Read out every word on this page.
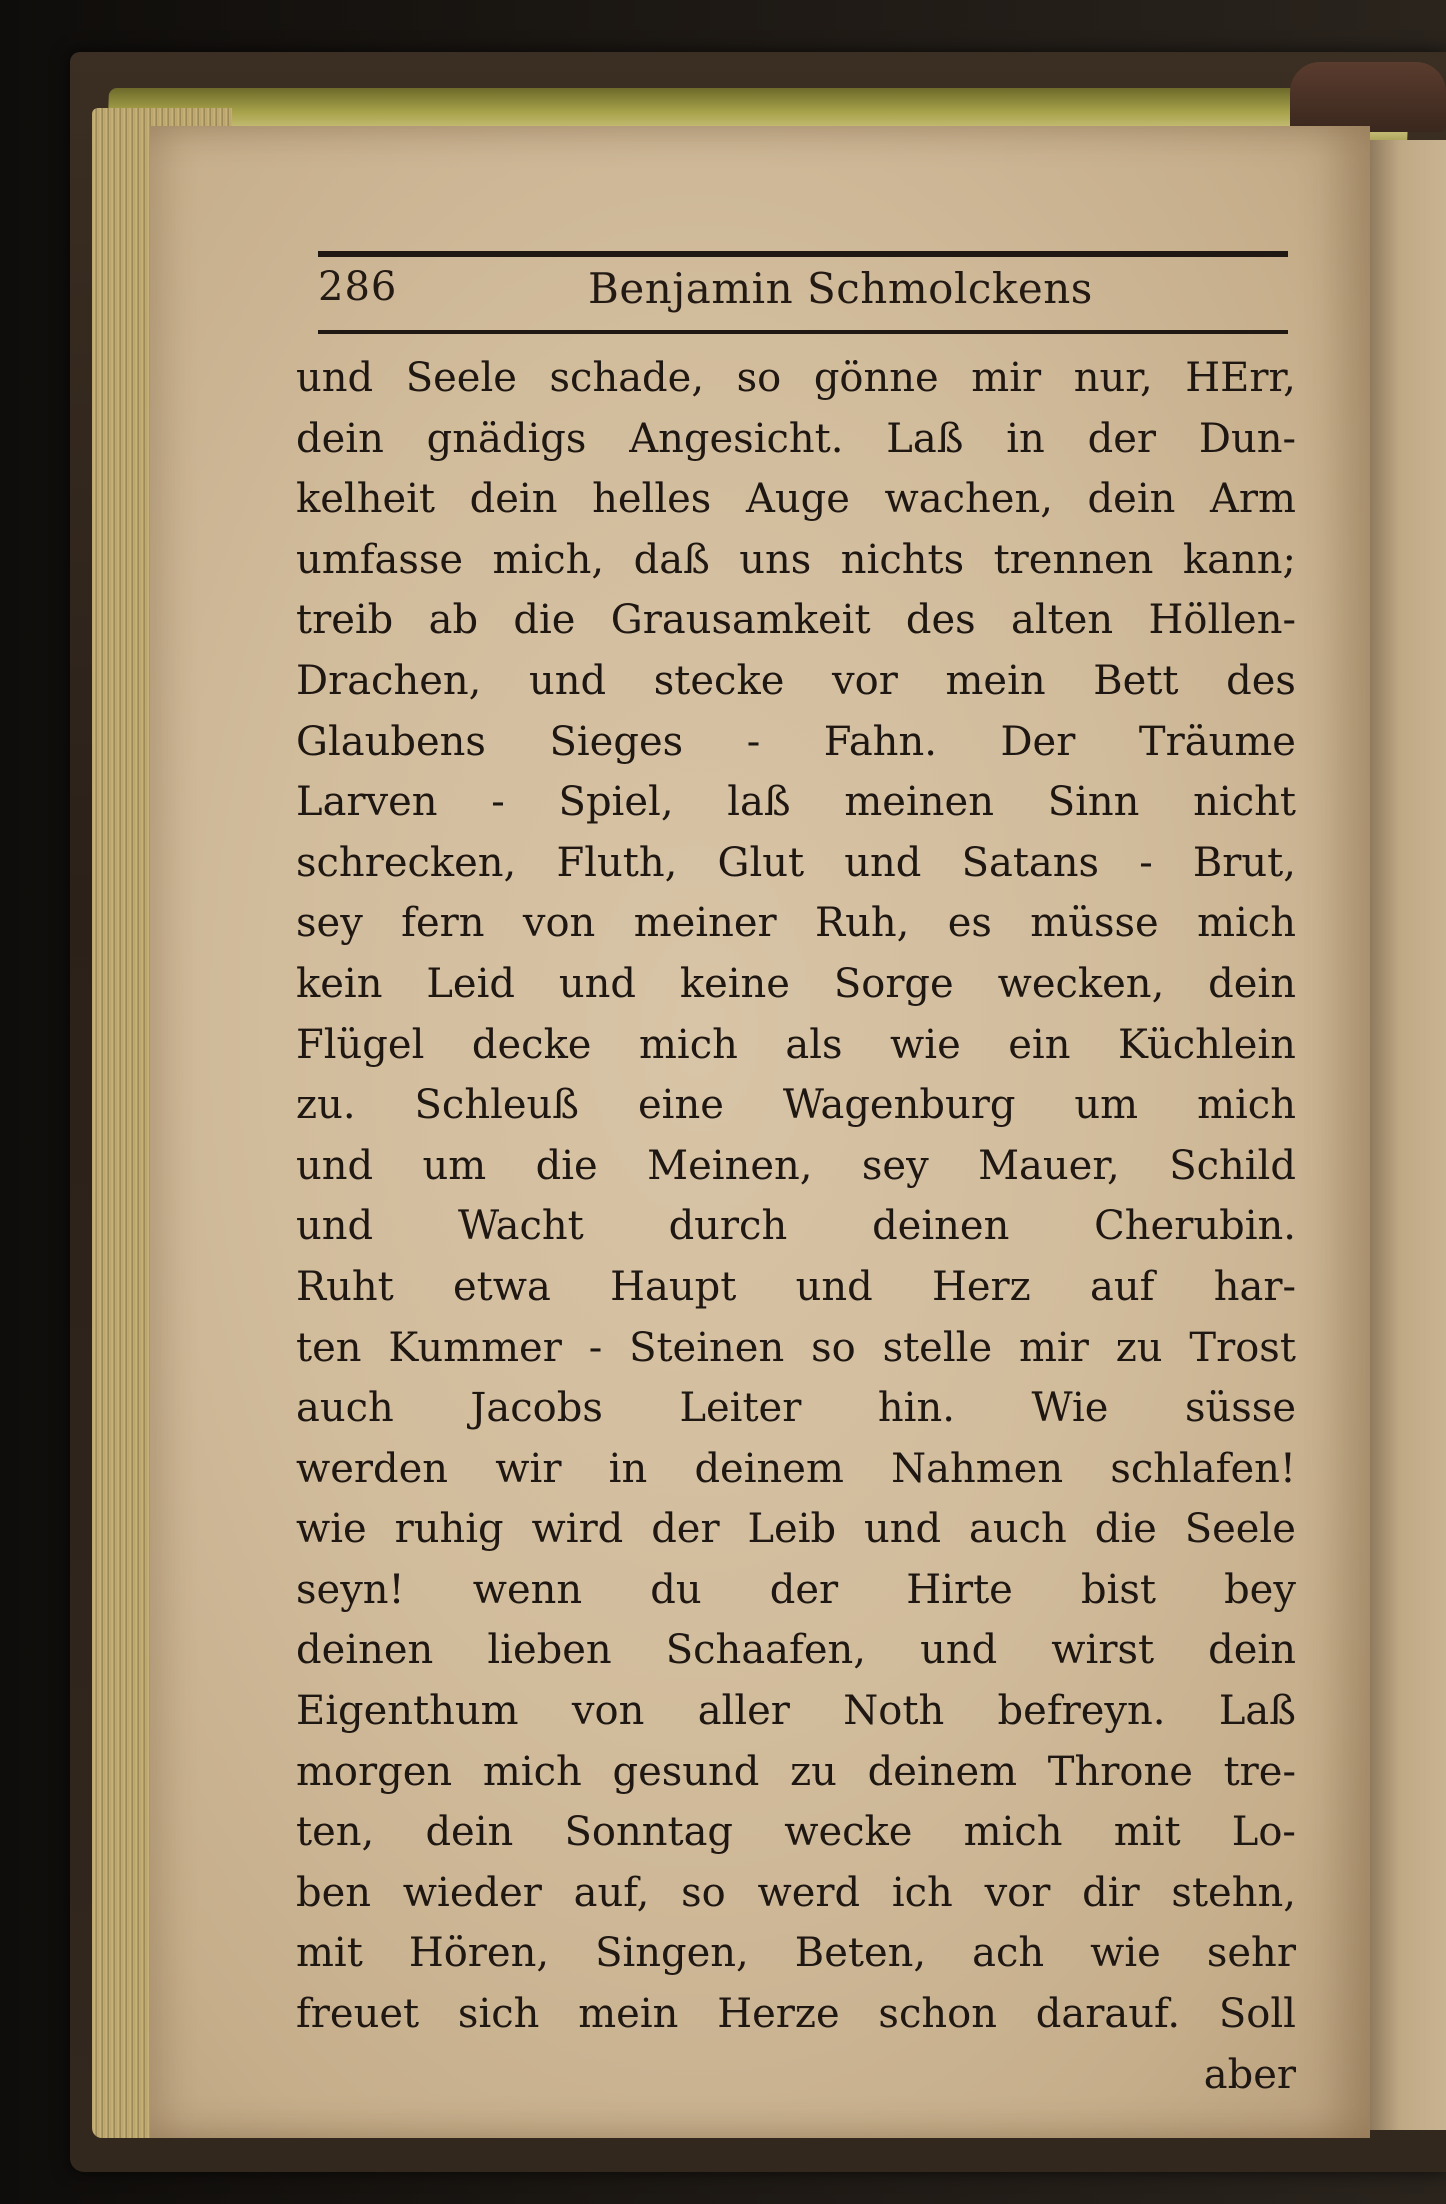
286	Benjamin Schmolckens
und Seele schade, so gönne mir nur, HErr,
dein gnädigs Angesicht. Laß in der Dun-
kelheit dein helles Auge wachen, dein Arm
umfasse mich, daß uns nichts trennen kann;
treib ab die Grausamkeit des alten Höllen-
Drachen, und stecke vor mein Bett des
Glaubens Sieges - Fahn. Der Träume
Larven - Spiel, laß meinen Sinn nicht
schrecken, Fluth, Glut und Satans - Brut,
sey fern von meiner Ruh, es müsse mich
kein Leid und keine Sorge wecken, dein
Flügel decke mich als wie ein Küchlein
zu. Schleuß eine Wagenburg um mich
und um die Meinen, sey Mauer, Schild
und Wacht durch deinen Cherubin.
Ruht etwa Haupt und Herz auf har-
ten Kummer - Steinen so stelle mir zu Trost
auch Jacobs Leiter hin. Wie süsse
werden wir in deinem Nahmen schlafen!
wie ruhig wird der Leib und auch die Seele
seyn! wenn du der Hirte bist bey
deinen lieben Schaafen, und wirst dein
Eigenthum von aller Noth befreyn. Laß
morgen mich gesund zu deinem Throne tre-
ten, dein Sonntag wecke mich mit Lo-
ben wieder auf, so werd ich vor dir stehn,
mit Hören, Singen, Beten, ach wie sehr
freuet sich mein Herze schon darauf. Soll
aber
